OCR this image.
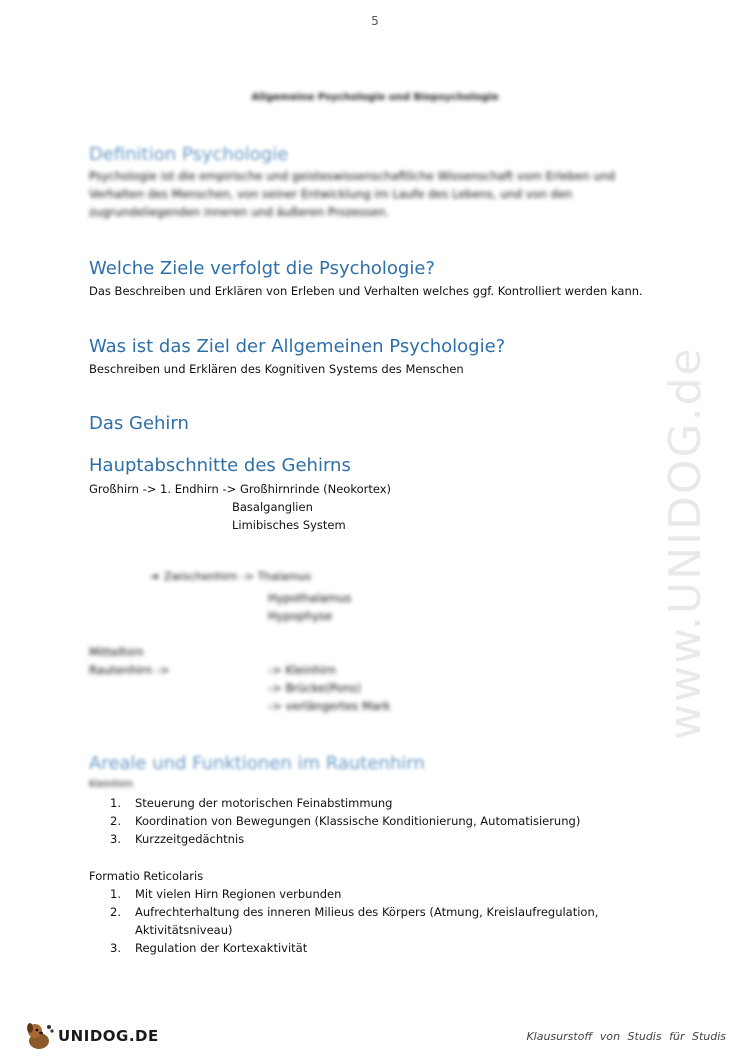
5
Allgemeine Psychologie und Biopsychologie
www.UNIDOG.de
Definition Psychologie

Psychologie ist die empirische und geisteswissenschaftliche Wissenschaft vom Erleben und Verhalten des Menschen, von seiner Entwicklung im Laufe des Lebens, und von den zugrundeliegenden inneren und äußeren Prozessen.

Welche Ziele verfolgt die Psychologie?

Das Beschreiben und Erklären von Erleben und Verhalten welches ggf. Kontrolliert werden kann.

Was ist das Ziel der Allgemeinen Psychologie?

Beschreiben und Erklären des Kognitiven Systems des Menschen

Das Gehirn
Hauptabschnitte des Gehirns

Großhirn -> 1. Endhirn -> Großhirnrinde (Neokortex)

Basalganglien

Limibisches System

➔ Zwischenhirn -> Thalamus

Hypothalamus

Hypophyse

Mittelhirn

Rautenhirn ->	-> Kleinhirn

-> Brücke(Pons)

-> verlängertes Mark

Areale und Funktionen im Rautenhirn

Kleinhirn

1. Steuerung der motorischen Feinabstimmung
2. Koordination von Bewegungen (Klassische Konditionierung, Automatisierung)
3. Kurzzeitgedächtnis

Formatio Reticolaris

1. Mit vielen Hirn Regionen verbunden
2. Aufrechterhaltung des inneren Milieus des Körpers (Atmung, Kreislaufregulation, Aktivitätsniveau)
3. Regulation der Kortexaktivität
UNIDOG.DE	Klausurstoff von Studis für Studis
